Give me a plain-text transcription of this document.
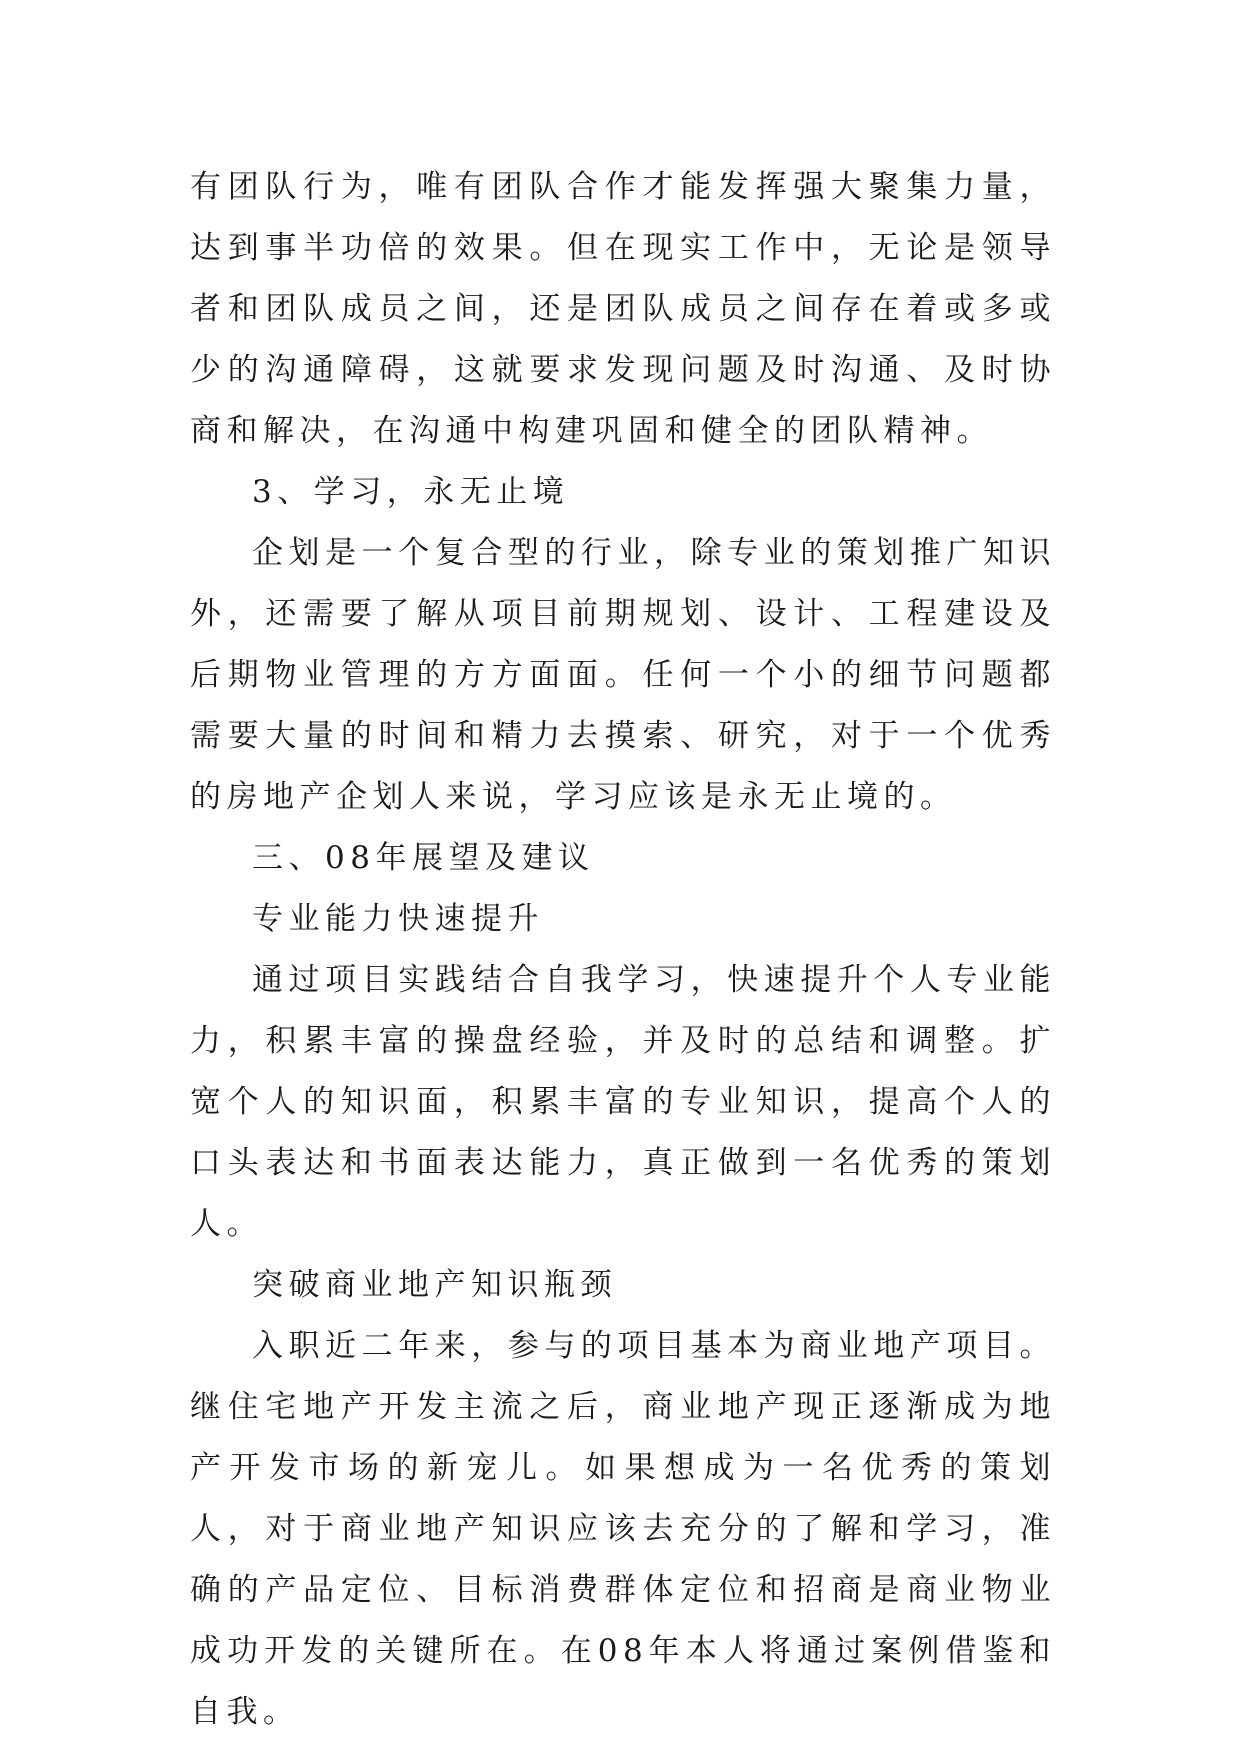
有团队行为，唯有团队合作才能发挥强大聚集力量，达到事半功倍的效果。但在现实工作中，无论是领导者和团队成员之间，还是团队成员之间存在着或多或少的沟通障碍，这就要求发现问题及时沟通、及时协商和解决，在沟通中构建巩固和健全的团队精神。

3、学习，永无止境

企划是一个复合型的行业，除专业的策划推广知识外，还需要了解从项目前期规划、设计、工程建设及后期物业管理的方方面面。任何一个小的细节问题都需要大量的时间和精力去摸索、研究，对于一个优秀的房地产企划人来说，学习应该是永无止境的。

三、08年展望及建议

专业能力快速提升

通过项目实践结合自我学习，快速提升个人专业能力，积累丰富的操盘经验，并及时的总结和调整。扩宽个人的知识面，积累丰富的专业知识，提高个人的口头表达和书面表达能力，真正做到一名优秀的策划人。

突破商业地产知识瓶颈

入职近二年来，参与的项目基本为商业地产项目。继住宅地产开发主流之后，商业地产现正逐渐成为地产开发市场的新宠儿。如果想成为一名优秀的策划人，对于商业地产知识应该去充分的了解和学习，准确的产品定位、目标消费群体定位和招商是商业物业成功开发的关键所在。在08年本人将通过案例借鉴和自我。
